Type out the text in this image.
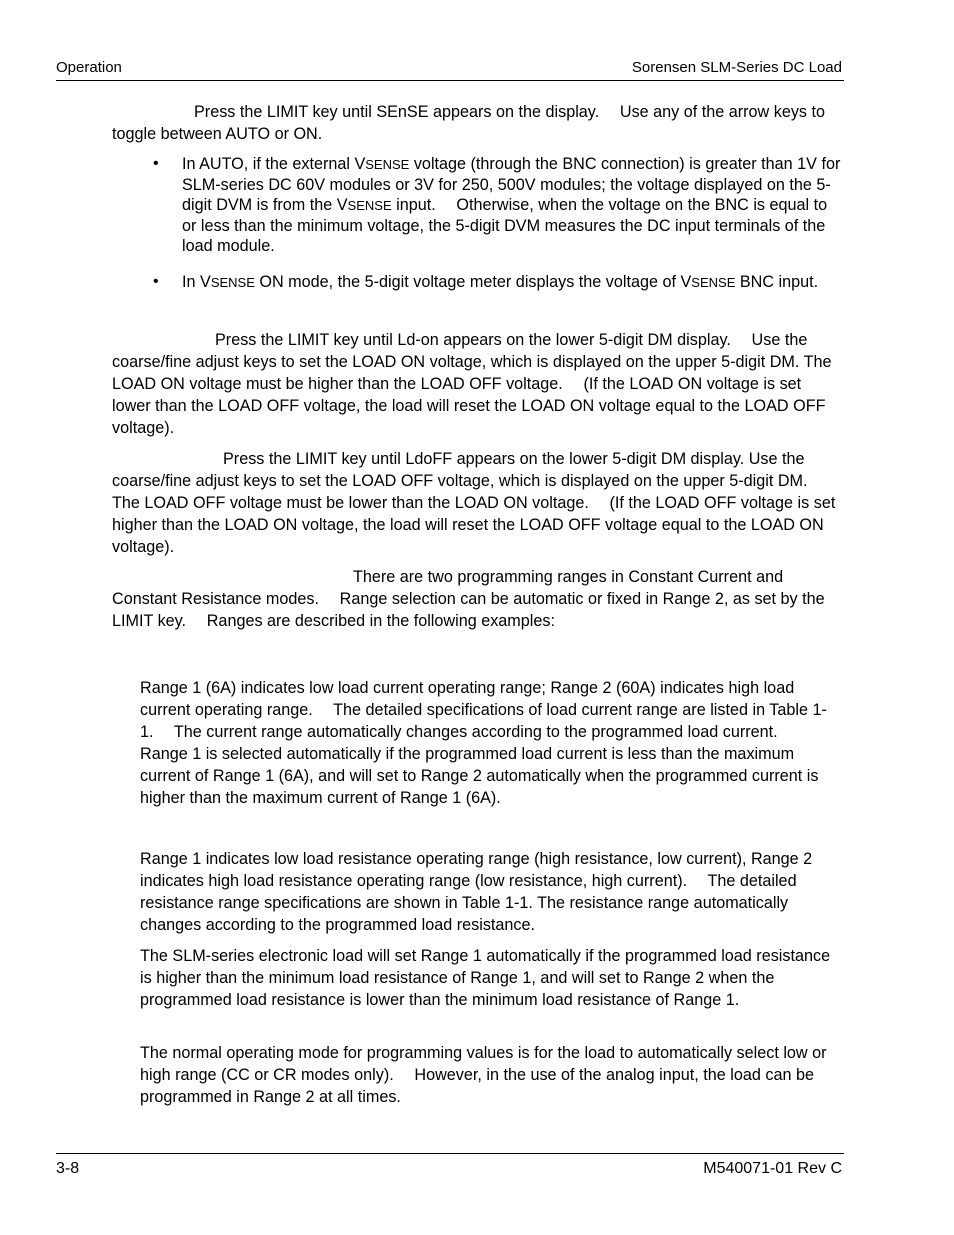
Operation	Sorensen SLM-Series DC Load

Press the LIMIT key until SEnSE appears on the display.  Use any of the arrow keys to toggle between AUTO or ON.

• In AUTO, if the external VSENSE voltage (through the BNC connection) is greater than 1V for SLM-series DC 60V modules or 3V for 250, 500V modules; the voltage displayed on the 5-digit DVM is from the VSENSE input.  Otherwise, when the voltage on the BNC is equal to or less than the minimum voltage, the 5-digit DVM measures the DC input terminals of the load module.

• In VSENSE ON mode, the 5-digit voltage meter displays the voltage of VSENSE BNC input.

Press the LIMIT key until Ld-on appears on the lower 5-digit DM display.  Use the coarse/fine adjust keys to set the LOAD ON voltage, which is displayed on the upper 5-digit DM. The LOAD ON voltage must be higher than the LOAD OFF voltage.  (If the LOAD ON voltage is set lower than the LOAD OFF voltage, the load will reset the LOAD ON voltage equal to the LOAD OFF voltage).

Press the LIMIT key until LdoFF appears on the lower 5-digit DM display. Use the coarse/fine adjust keys to set the LOAD OFF voltage, which is displayed on the upper 5-digit DM.  The LOAD OFF voltage must be lower than the LOAD ON voltage.  (If the LOAD OFF voltage is set higher than the LOAD ON voltage, the load will reset the LOAD OFF voltage equal to the LOAD ON voltage).

There are two programming ranges in Constant Current and Constant Resistance modes.  Range selection can be automatic or fixed in Range 2, as set by the LIMIT key.  Ranges are described in the following examples:

Range 1 (6A) indicates low load current operating range; Range 2 (60A) indicates high load current operating range.  The detailed specifications of load current range are listed in Table 1-1.  The current range automatically changes according to the programmed load current.  Range 1 is selected automatically if the programmed load current is less than the maximum current of Range 1 (6A), and will set to Range 2 automatically when the programmed current is higher than the maximum current of Range 1 (6A).

Range 1 indicates low load resistance operating range (high resistance, low current), Range 2 indicates high load resistance operating range (low resistance, high current).  The detailed resistance range specifications are shown in Table 1-1. The resistance range automatically changes according to the programmed load resistance.

The SLM-series electronic load will set Range 1 automatically if the programmed load resistance is higher than the minimum load resistance of Range 1, and will set to Range 2 when the programmed load resistance is lower than the minimum load resistance of Range 1.

The normal operating mode for programming values is for the load to automatically select low or high range (CC or CR modes only).  However, in the use of the analog input, the load can be programmed in Range 2 at all times.

3-8	M540071-01 Rev C
